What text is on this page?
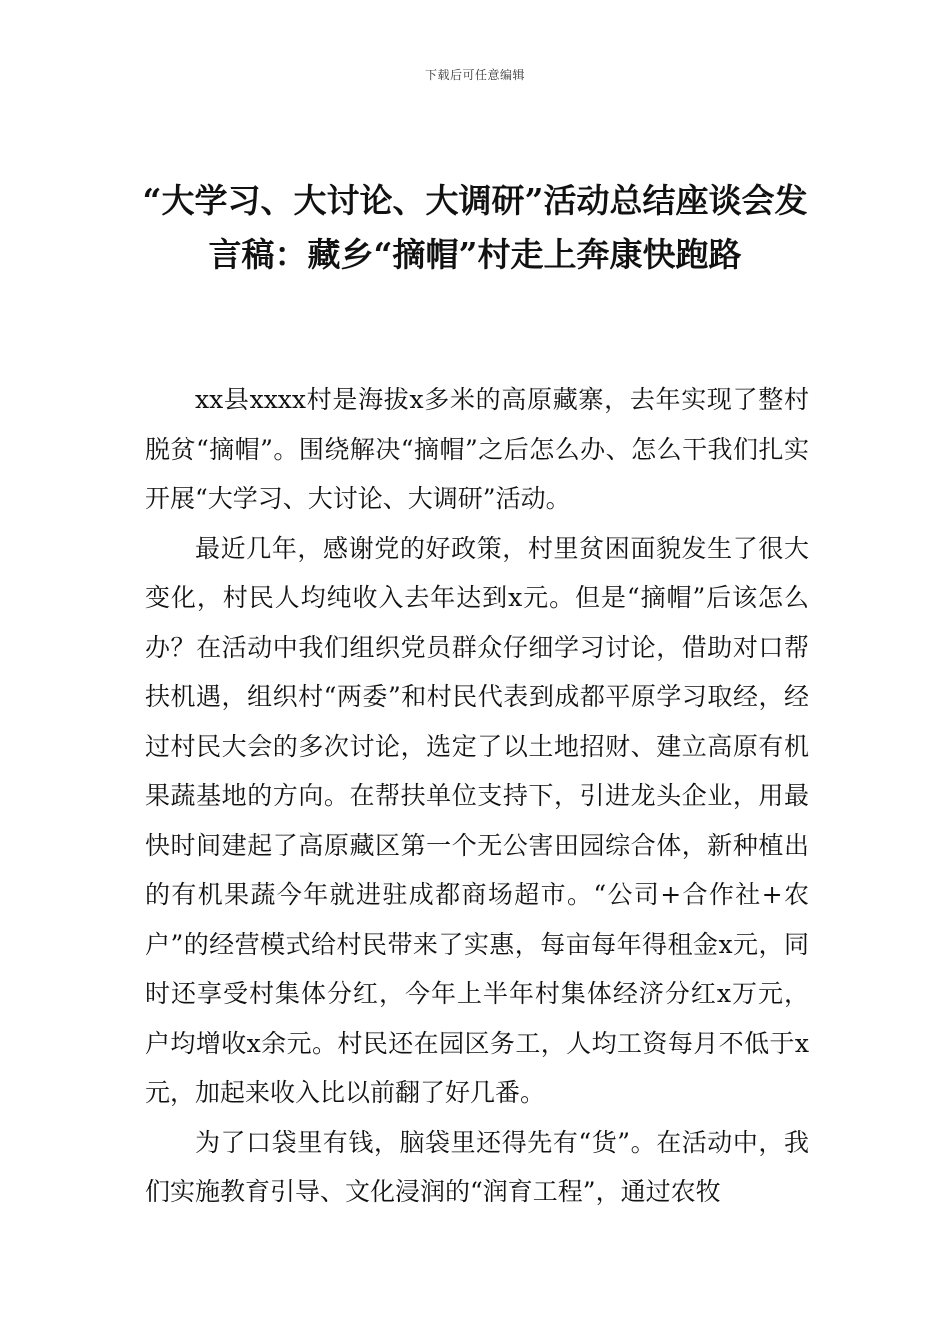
下载后可任意编辑
“大学习、大讨论、大调研”活动总结座谈会发言稿：藏乡“摘帽”村走上奔康快跑路

xx县xxxx村是海拔x多米的高原藏寨，去年实现了整村脱贫“摘帽”。围绕解决“摘帽”之后怎么办、怎么干我们扎实开展“大学习、大讨论、大调研”活动。

最近几年，感谢党的好政策，村里贫困面貌发生了很大变化，村民人均纯收入去年达到x元。但是“摘帽”后该怎么办？在活动中我们组织党员群众仔细学习讨论，借助对口帮扶机遇，组织村“两委”和村民代表到成都平原学习取经，经过村民大会的多次讨论，选定了以土地招财、建立高原有机果蔬基地的方向。在帮扶单位支持下，引进龙头企业，用最快时间建起了高原藏区第一个无公害田园综合体，新种植出的有机果蔬今年就进驻成都商场超市。“公司+合作社+农户”的经营模式给村民带来了实惠，每亩每年得租金x元，同时还享受村集体分红，今年上半年村集体经济分红x万元，户均增收x余元。村民还在园区务工，人均工资每月不低于x元，加起来收入比以前翻了好几番。

为了口袋里有钱，脑袋里还得先有“货”。在活动中，我们实施教育引导、文化浸润的“润育工程”，通过农牧
